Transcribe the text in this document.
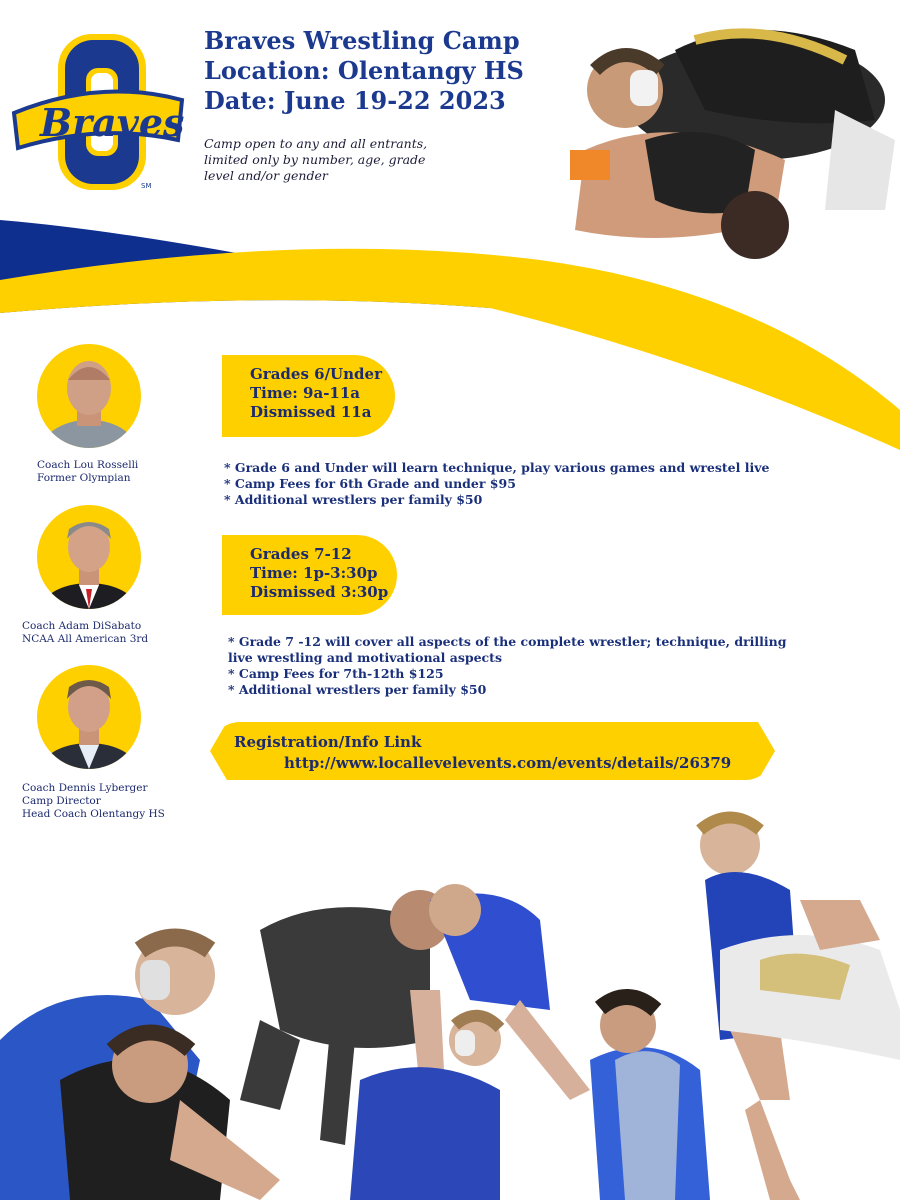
Braves
SM
Braves Wrestling Camp
Location: Olentangy HS
Date: June 19-22 2023
Camp open to any and all entrants,
limited only by number, age, grade
level and/or gender
Coach Lou Rosselli
Former Olympian
Coach Adam DiSabato
NCAA All American 3rd
Coach Dennis Lyberger
Camp Director
Head Coach Olentangy HS
Grades 6/Under
Time: 9a-11a
Dismissed 11a
* Grade 6 and Under will learn technique, play various games and wrestel live
* Camp Fees for 6th Grade and under $95
* Additional wrestlers per family $50
Grades 7-12
Time: 1p-3:30p
Dismissed 3:30p
* Grade 7 -12 will cover all aspects of the complete wrestler; technique, drilling
live wrestling and motivational aspects
* Camp Fees for 7th-12th $125
* Additional wrestlers per family $50
Registration/Info Link
http://www.locallevelevents.com/events/details/26379
